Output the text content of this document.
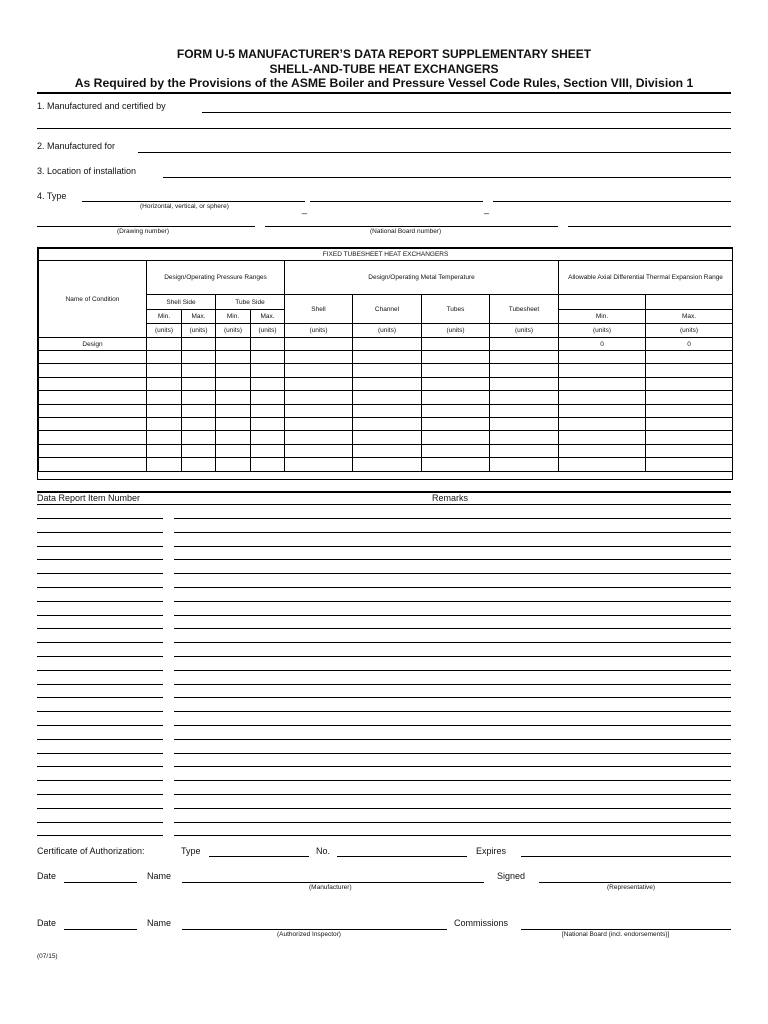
FORM U-5 MANUFACTURER’S DATA REPORT SUPPLEMENTARY SHEET
SHELL-AND-TUBE HEAT EXCHANGERS
As Required by the Provisions of the ASME Boiler and Pressure Vessel Code Rules, Section VIII, Division 1
1. Manufactured and certified by
2. Manufactured for
3. Location of installation
4. Type
(Horizontal, vertical, or sphere)	_	_
(Drawing number)	(National Board number)
FIXED TUBESHEET HEAT EXCHANGERS										
Name of Condition	Design/Operating Pressure Ranges				Design/Operating Metal Temperature				Allowable Axial Differential Thermal Expansion Range	
	Shell Side		Tube Side		Shell	Channel	Tubes	Tubesheet		
	Min.	Max.	Min.	Max.					Min.	Max.
	(units)	(units)	(units)	(units)	(units)	(units)	(units)	(units)	(units)	(units)
Design									0	0

Data Report Item Number	Remarks
Certificate of Authorization:	Type	No.	Expires
Date	Name
(Manufacturer)
Signed
(Representative)
Date	Name
(Authorized Inspector)
Commissions
[National Board (incl. endorsements)]
(07/15)
